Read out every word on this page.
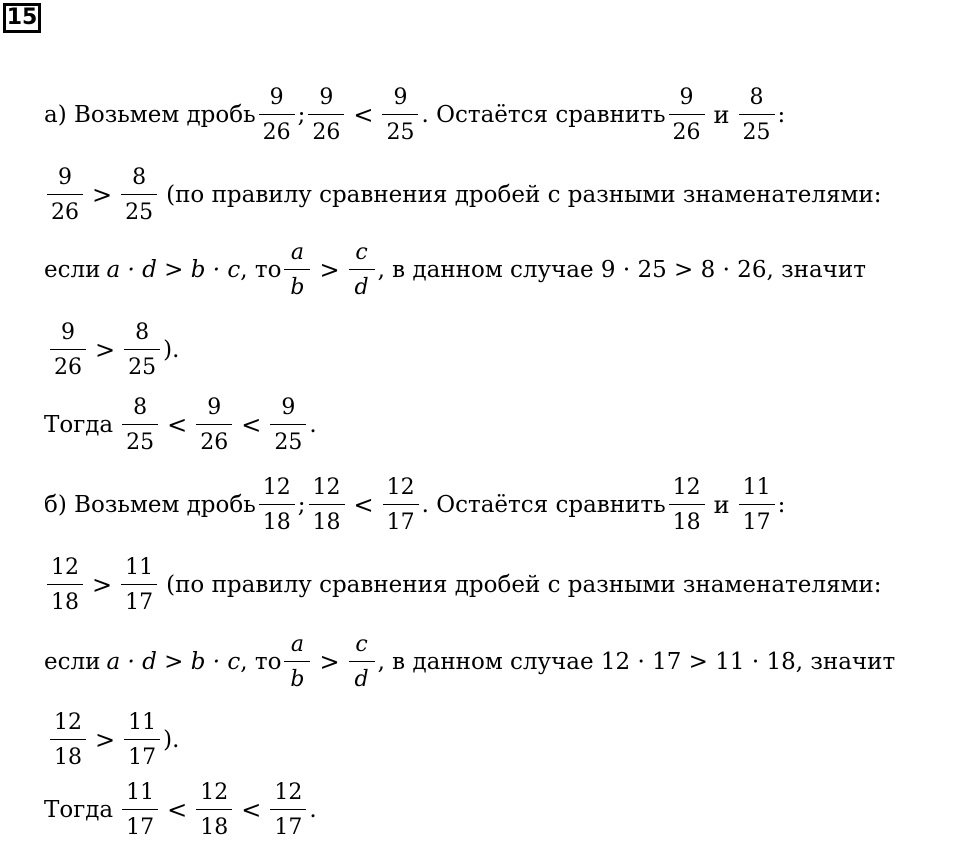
15
а) Возьмем дробь $\frac{9}{26}$ ; $\frac{9}{26} < \frac{9}{25}$ . Остаётся сравнить $\frac{9}{26}$ и $\frac{8}{25}$ :
$\frac{9}{26} > \frac{8}{25} (по$ правилу сравнения дробей с разными знаменателями:
если a · d > b · c , то $\frac{a}{b} > \frac{c}{d}$ , в данном случае 9 · 25 > 8 · 26, значит
$\frac{9}{26} > \frac{8}{25}$ ).
Тогда $\frac{8}{25} < \frac{9}{26} < \frac{9}{25}$ .
б) Возьмем дробь $\frac{12}{18}$ ; $\frac{12}{18} < \frac{12}{17}$ . Остаётся сравнить $\frac{12}{18}$ и $\frac{11}{17}$ :
$\frac{12}{18} > \frac{11}{17} (по$ правилу сравнения дробей с разными знаменателями:
если a · d > b · c , то $\frac{a}{b} > \frac{c}{d}$ , в данном случае 12 · 17 > 11 · 18, значит
$\frac{12}{18} > \frac{11}{17}$ ).
Тогда $\frac{11}{17} < \frac{12}{18} < \frac{12}{17}$ .
